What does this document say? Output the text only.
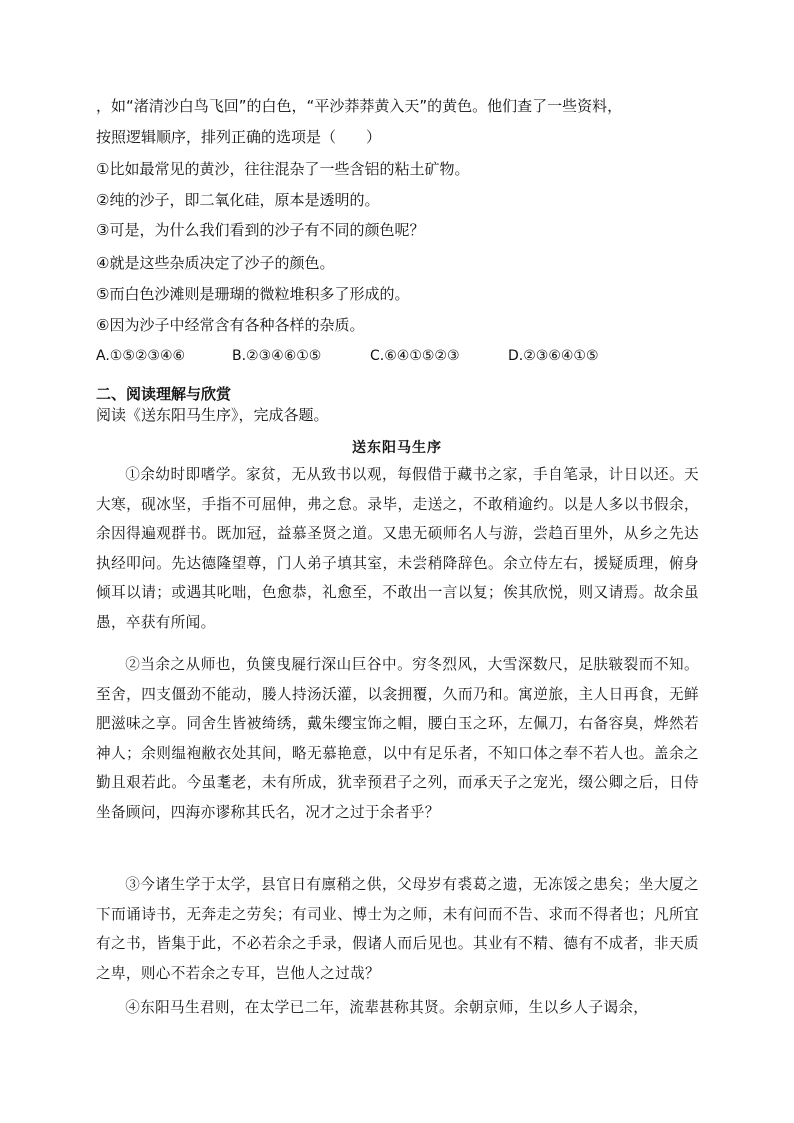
，如“渚清沙白鸟飞回”的白色，“平沙莽莽黄入天”的黄色。他们查了一些资料，
按照逻辑顺序，排列正确的选项是（　　）
①比如最常见的黄沙，往往混杂了一些含铝的粘土矿物。
②纯的沙子，即二氧化硅，原本是透明的。
③可是，为什么我们看到的沙子有不同的颜色呢？
④就是这些杂质决定了沙子的颜色。
⑤而白色沙滩则是珊瑚的微粒堆积多了形成的。
⑥因为沙子中经常含有各种各样的杂质。
A.①⑤②③④⑥	B.②③④⑥①⑤	C.⑥④①⑤②③	D.②③⑥④①⑤
二、阅读理解与欣赏
阅读《送东阳马生序》，完成各题。
送东阳马生序

①余幼时即嗜学。家贫，无从致书以观，每假借于藏书之家，手自笔录，计日以还。天大寒，砚冰坚，手指不可屈伸，弗之怠。录毕，走送之，不敢稍逾约。以是人多以书假余，余因得遍观群书。既加冠，益慕圣贤之道。又患无硕师名人与游，尝趋百里外，从乡之先达执经叩问。先达德隆望尊，门人弟子填其室，未尝稍降辞色。余立侍左右，援疑质理，俯身倾耳以请；或遇其叱咄，色愈恭，礼愈至，不敢出一言以复；俟其欣悦，则又请焉。故余虽愚，卒获有所闻。

②当余之从师也，负箧曳屣行深山巨谷中。穷冬烈风，大雪深数尺，足肤皲裂而不知。至舍，四支僵劲不能动，媵人持汤沃灌，以衾拥覆，久而乃和。寓逆旅，主人日再食，无鲜肥滋味之享。同舍生皆被绮绣，戴朱缨宝饰之帽，腰白玉之环，左佩刀，右备容臭，烨然若神人；余则缊袍敝衣处其间，略无慕艳意，以中有足乐者，不知口体之奉不若人也。盖余之勤且艰若此。今虽耄老，未有所成，犹幸预君子之列，而承天子之宠光，缀公卿之后，日侍坐备顾问，四海亦谬称其氏名，况才之过于余者乎？

③今诸生学于太学，县官日有廪稍之供，父母岁有裘葛之遗，无冻馁之患矣；坐大厦之下而诵诗书，无奔走之劳矣；有司业、博士为之师，未有问而不告、求而不得者也；凡所宜有之书，皆集于此，不必若余之手录，假诸人而后见也。其业有不精、德有不成者，非天质之卑，则心不若余之专耳，岂他人之过哉？

④东阳马生君则，在太学已二年，流辈甚称其贤。余朝京师，生以乡人子谒余，
